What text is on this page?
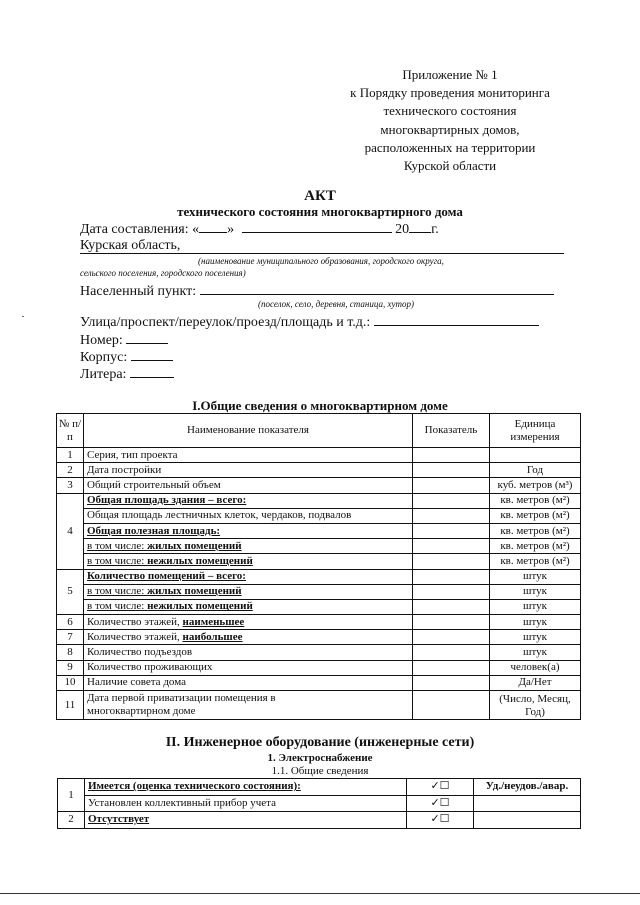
Приложение № 1
к Порядку проведения мониторинга
технического состояния
многоквартирных домов,
расположенных на территории
Курской области
АКТ
технического состояния многоквартирного дома
Дата составления: « »	20 г.
Курская область,
(наименование муниципального образования, городского округа,
сельского поселения, городского поселения)
Населенный пункт:
(поселок, село, деревня, станица, хутор)
Улица/проспект/переулок/проезд/площадь и т.д.:
Номер:
Корпус:
Литера:
I.Общие сведения о многоквартирном доме
№ п/п	Наименование показателя	Показатель	Единица измерения
1	Серия, тип проекта		
2	Дата постройки		Год
3	Общий строительный объем		куб. метров (м³)
4	Общая площадь здания – всего:		кв. метров (м²)
	Общая площадь лестничных клеток, чердаков, подвалов		кв. метров (м²)
	Общая полезная площадь:		кв. метров (м²)
	в том числе: жилых помещений		кв. метров (м²)
	в том числе: нежилых помещений		кв. метров (м²)
5	Количество помещений – всего:		штук
	в том числе: жилых помещений		штук
	в том числе: нежилых помещений		штук
6	Количество этажей, наименьшее		штук
7	Количество этажей, наибольшее		штук
8	Количество подъездов		штук
9	Количество проживающих		человек(а)
10	Наличие совета дома		Да/Нет
11	Дата первой приватизации помещения в
многоквартирном доме		(Число, Месяц, Год)
II. Инженерное оборудование (инженерные сети)
1. Электроснабжение
1.1. Общие сведения
1	Имеется (оценка технического состояния):	✓☐	Уд./неудов./авар.
	Установлен коллективный прибор учета	✓☐	
2	Отсутствует	✓☐	
